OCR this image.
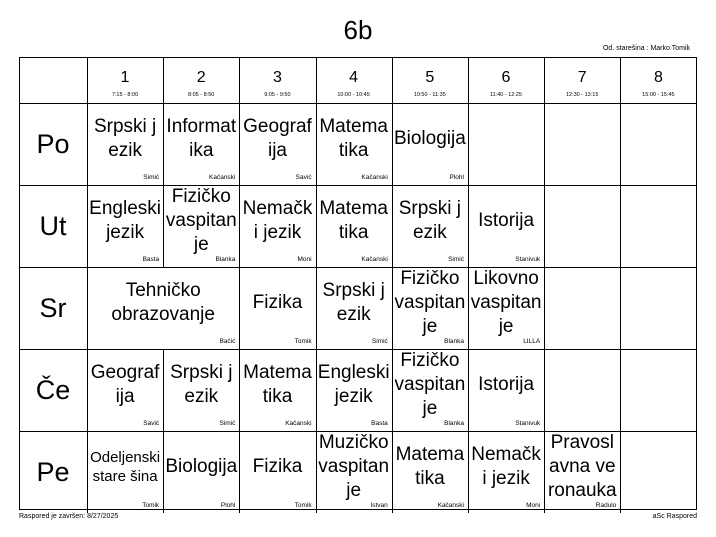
6b
Od. starešina : Marko Tomik
1
7:15 - 8:00
2
8:05 - 8:50
3
9:05 - 9:50
4
10:00 - 10:45
5
10:50 - 11:35
6
11:40 - 12:25
7
12:30 - 13:15
8
15:00 - 15:45
Po
Srpski jezik
Simić
Informatika
Kačanski
Geografija
Savić
Matematika
Kačanski
Biologija
Plohl
Ut
Engleski jezik
Basta
Fizičko vaspitanje
Blanka
Nemački jezik
Moni
Matematika
Kačanski
Srpski jezik
Simić
Istorija
Stanivuk
Sr
Tehničko obrazovanje
Bačić
Fizika
Tomik
Srpski jezik
Simić
Fizičko vaspitanje
Blanka
Likovno vaspitanje
LILLA
Če
Geografija
Savić
Srpski jezik
Simić
Matematika
Kačanski
Engleski jezik
Basta
Fizičko vaspitanje
Blanka
Istorija
Stanivuk
Pe	Odeljenski stare šina
Tomik
Biologija
Plohl
Fizika
Tomik
Muzičko vaspitanje
Istvan
Matematika
Kačanski
Nemački jezik
Moni
Pravoslavna veronauka
Radulo
Raspored je završen: 8/27/2025	aSc Raspored
